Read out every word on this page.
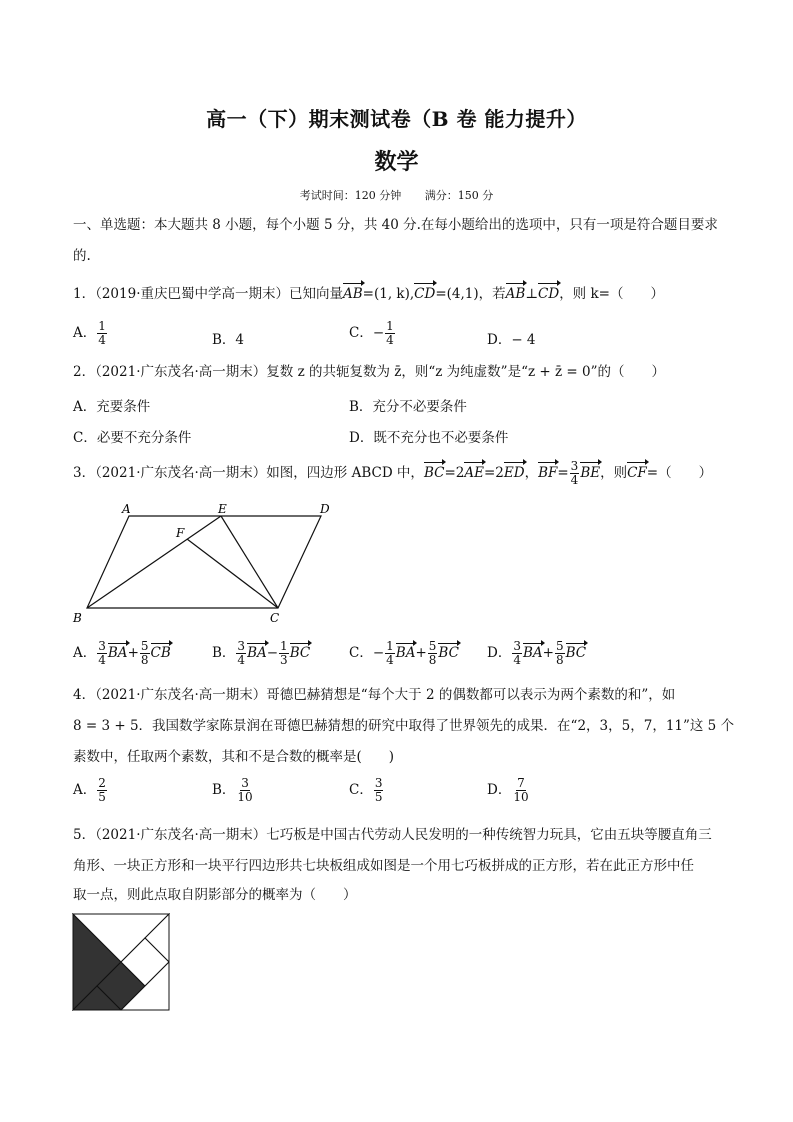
高一（下）期末测试卷（B 卷 能力提升）
数学
考试时间：120 分钟 满分：150 分
一、单选题：本大题共 8 小题，每个小题 5 分，共 40 分.在每小题给出的选项中，只有一项是符合题目要求
的.
1．（2019·重庆巴蜀中学高一期末）已知向量AB=(1, k),CD=(4,1)，若AB⊥CD，则 k=（　　）
A． $\frac{1}{4}$	B．4	C．− $\frac{1}{4}$	D．− 4
2．（2021·广东茂名·高一期末）复数 z 的共轭复数为 z̄，则“z 为纯虚数”是“z + z̄ = 0”的（　　）
A．充要条件	B．充分不必要条件
C．必要不充分条件	D．既不充分也不必要条件
3．（2021·广东茂名·高一期末）如图，四边形 ABCD 中，BC=2AE=2ED，$BF= \frac{3}{4}$ BE，则CF=（　　）
A	E	D
F
B	C
A． $\frac{3}{4} BA+ \frac{5}{8}$ CB	B． $\frac{3}{4} BA- \frac{1}{3}$ BC	C．− $\frac{1}{4} BA+ \frac{5}{8}$ BC D． $\frac{3}{4} BA+ \frac{5}{8}$ BC
4．（2021·广东茂名·高一期末）哥德巴赫猜想是“每个大于 2 的偶数都可以表示为两个素数的和”，如
8 = 3 + 5．我国数学家陈景润在哥德巴赫猜想的研究中取得了世界领先的成果．在“2，3，5，7，11”这 5 个
素数中，任取两个素数，其和不是合数的概率是(　　)
A． $\frac{2}{5}$	B． $\frac{3}{10}$	C． $\frac{3}{5}$	D． $\frac{7}{10}$
5．（2021·广东茂名·高一期末）七巧板是中国古代劳动人民发明的一种传统智力玩具，它由五块等腰直角三
角形、一块正方形和一块平行四边形共七块板组成如图是一个用七巧板拼成的正方形，若在此正方形中任
取一点，则此点取自阴影部分的概率为（　　）
